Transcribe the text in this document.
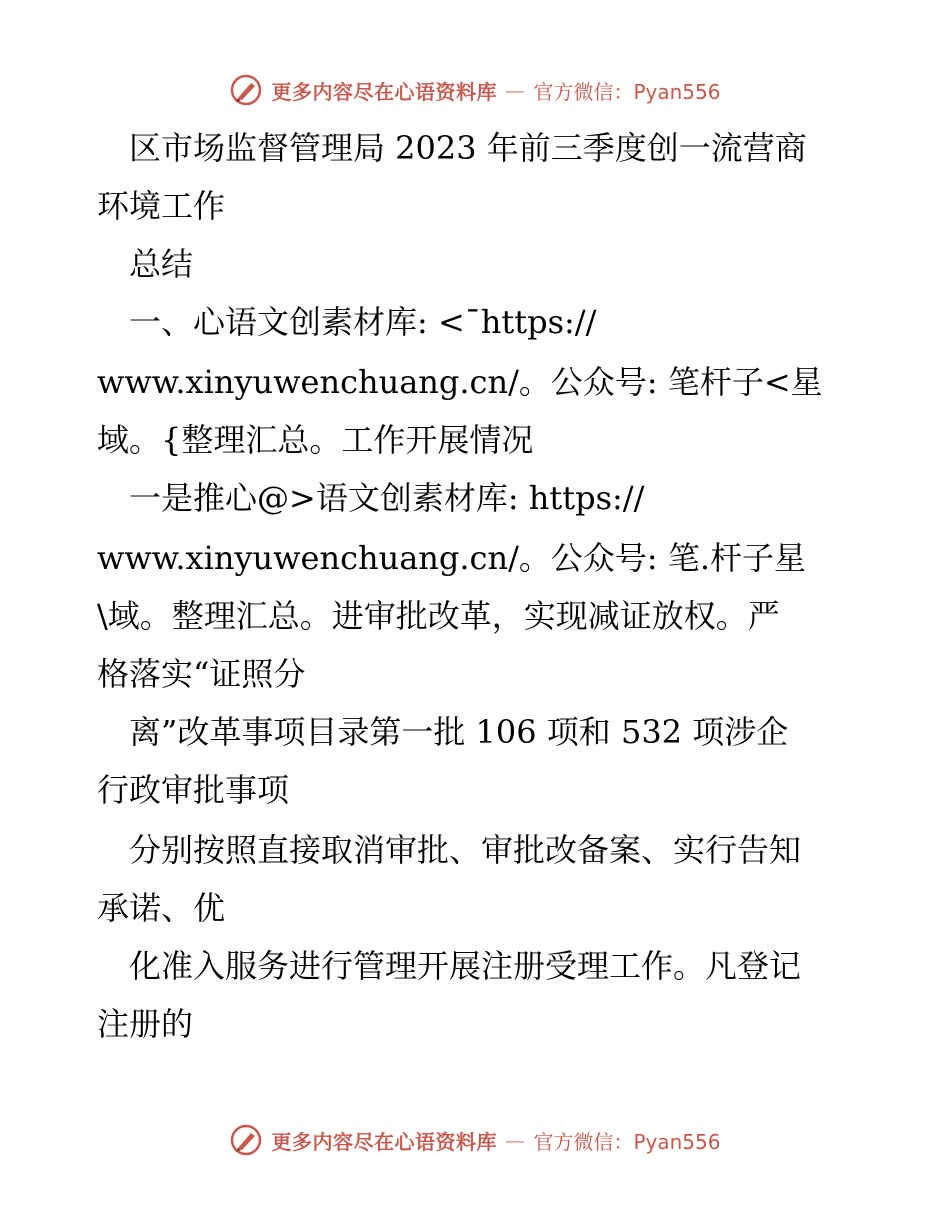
更多内容尽在心语资料库 — 官方微信：Pyan556
　区市场监督管理局 2023 年前三季度创一流营商
环境工作
　总结
　一、心语文创素材库: <¯https://
www.xinyuwenchuang.cn/。公众号: 笔杆子<星
域。{整理汇总。工作开展情况
　一是推心@>语文创素材库: https://
www.xinyuwenchuang.cn/。公众号: 笔.杆子星
\域。整理汇总。进审批改革，实现减证放权。严
格落实“证照分
　离”改革事项目录第一批 106 项和 532 项涉企
行政审批事项
　分别按照直接取消审批、审批改备案、实行告知
承诺、优
　化准入服务进行管理开展注册受理工作。凡登记
注册的
更多内容尽在心语资料库 — 官方微信：Pyan556
